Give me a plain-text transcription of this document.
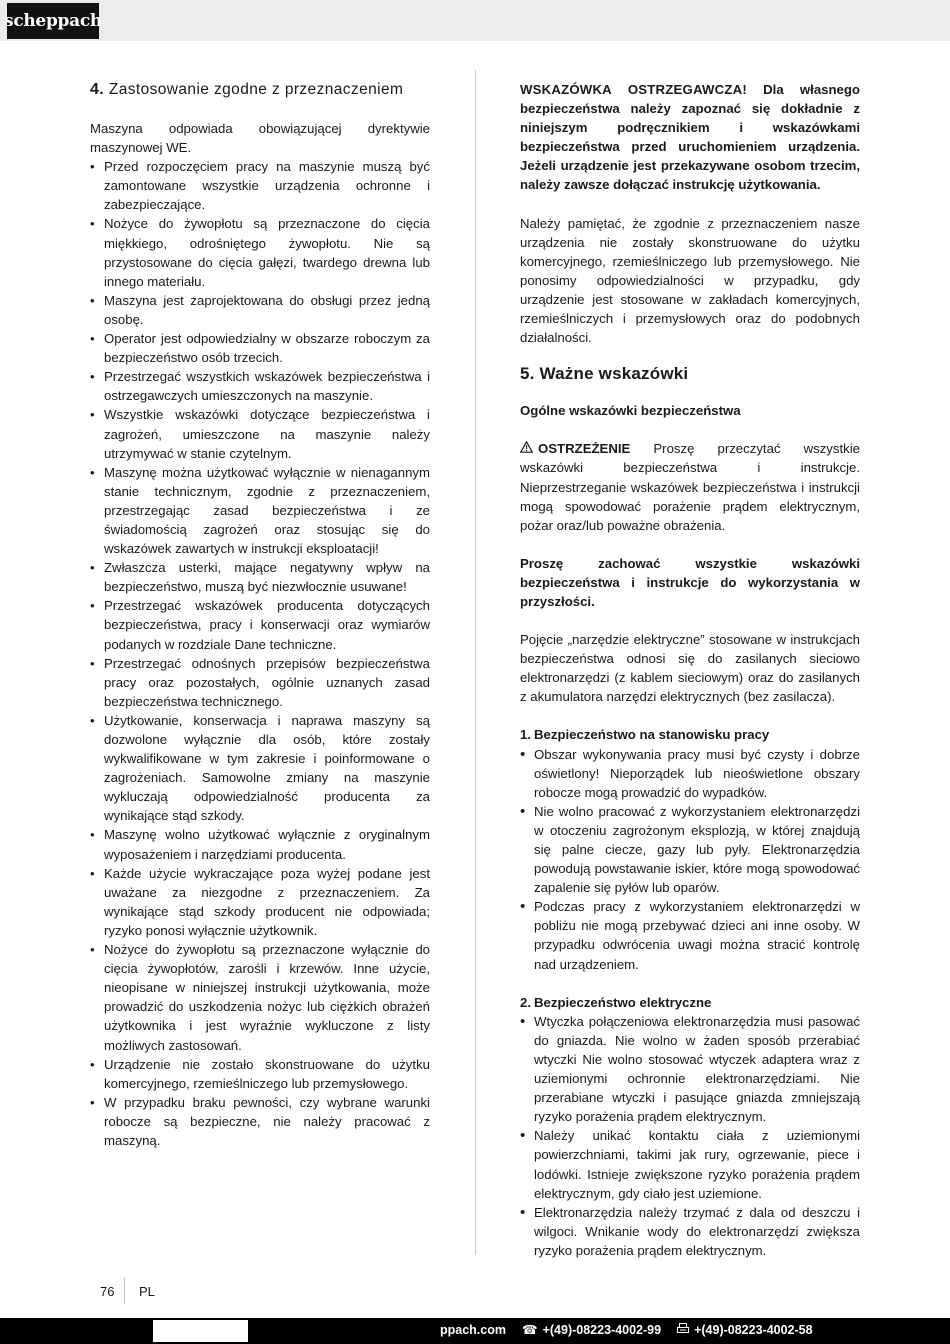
scheppach
4. Zastosowanie zgodne z przeznaczeniem

Maszyna odpowiada obowiązującej dyrektywie maszynowej WE.

• Przed rozpoczęciem pracy na maszynie muszą być zamontowane wszystkie urządzenia ochronne i zabezpieczające.
• Nożyce do żywopłotu są przeznaczone do cięcia miękkiego, odrośniętego żywopłotu. Nie są przystosowane do cięcia gałęzi, twardego drewna lub innego materiału.
• Maszyna jest zaprojektowana do obsługi przez jedną osobę.
• Operator jest odpowiedzialny w obszarze roboczym za bezpieczeństwo osób trzecich.
• Przestrzegać wszystkich wskazówek bezpieczeństwa i ostrzegawczych umieszczonych na maszynie.
• Wszystkie wskazówki dotyczące bezpieczeństwa i zagrożeń, umieszczone na maszynie należy utrzymywać w stanie czytelnym.
• Maszynę można użytkować wyłącznie w nienagannym stanie technicznym, zgodnie z przeznaczeniem, przestrzegając zasad bezpieczeństwa i ze świadomością zagrożeń oraz stosując się do wskazówek zawartych w instrukcji eksploatacji!
• Zwłaszcza usterki, mające negatywny wpływ na bezpieczeństwo, muszą być niezwłocznie usuwane!
• Przestrzegać wskazówek producenta dotyczących bezpieczeństwa, pracy i konserwacji oraz wymiarów podanych w rozdziale Dane techniczne.
• Przestrzegać odnośnych przepisów bezpieczeństwa pracy oraz pozostałych, ogólnie uznanych zasad bezpieczeństwa technicznego.
• Użytkowanie, konserwacja i naprawa maszyny są dozwolone wyłącznie dla osób, które zostały wykwalifikowane w tym zakresie i poinformowane o zagrożeniach. Samowolne zmiany na maszynie wykluczają odpowiedzialność producenta za wynikające stąd szkody.
• Maszynę wolno użytkować wyłącznie z oryginalnym wyposażeniem i narzędziami producenta.
• Każde użycie wykraczające poza wyżej podane jest uważane za niezgodne z przeznaczeniem. Za wynikające stąd szkody producent nie odpowiada; ryzyko ponosi wyłącznie użytkownik.
• Nożyce do żywopłotu są przeznaczone wyłącznie do cięcia żywopłotów, zarośli i krzewów. Inne użycie, nieopisane w niniejszej instrukcji użytkowania, może prowadzić do uszkodzenia nożyc lub ciężkich obrażeń użytkownika i jest wyraźnie wykluczone z listy możliwych zastosowań.
• Urządzenie nie zostało skonstruowane do użytku komercyjnego, rzemieślniczego lub przemysłowego.
• W przypadku braku pewności, czy wybrane warunki robocze są bezpieczne, nie należy pracować z maszyną.

WSKAZÓWKA OSTRZEGAWCZA! Dla własnego bezpieczeństwa należy zapoznać się dokładnie z niniejszym podręcznikiem i wskazówkami bezpieczeństwa przed uruchomieniem urządzenia. Jeżeli urządzenie jest przekazywane osobom trzecim, należy zawsze dołączać instrukcję użytkowania.

Należy pamiętać, że zgodnie z przeznaczeniem nasze urządzenia nie zostały skonstruowane do użytku komercyjnego, rzemieślniczego lub przemysłowego. Nie ponosimy odpowiedzialności w przypadku, gdy urządzenie jest stosowane w zakładach komercyjnych, rzemieślniczych i przemysłowych oraz do podobnych działalności.

5. Ważne wskazówki

Ogólne wskazówki bezpieczeństwa

OSTRZEŻENIE Proszę przeczytać wszystkie wskazówki bezpieczeństwa i instrukcje. Nieprzestrzeganie wskazówek bezpieczeństwa i instrukcji mogą spowodować porażenie prądem elektrycznym, pożar oraz/lub poważne obrażenia.

Proszę zachować wszystkie wskazówki bezpieczeństwa i instrukcje do wykorzystania w przyszłości.

Pojęcie „narzędzie elektryczne” stosowane w instrukcjach bezpieczeństwa odnosi się do zasilanych sieciowo elektronarzędzi (z kablem sieciowym) oraz do zasilanych z akumulatora narzędzi elektrycznych (bez zasilacza).

1. Bezpieczeństwo na stanowisku pracy
• Obszar wykonywania pracy musi być czysty i dobrze oświetlony! Nieporządek lub nieoświetlone obszary robocze mogą prowadzić do wypadków.
• Nie wolno pracować z wykorzystaniem elektronarzędzi w otoczeniu zagrożonym eksplozją, w której znajdują się palne ciecze, gazy lub pyły. Elektronarzędzia powodują powstawanie iskier, które mogą spowodować zapalenie się pyłów lub oparów.
• Podczas pracy z wykorzystaniem elektronarzędzi w pobliżu nie mogą przebywać dzieci ani inne osoby. W przypadku odwrócenia uwagi można stracić kontrolę nad urządzeniem.
2. Bezpieczeństwo elektryczne
• Wtyczka połączeniowa elektronarzędzia musi pasować do gniazda. Nie wolno w żaden sposób przerabiać wtyczki Nie wolno stosować wtyczek adaptera wraz z uziemionymi ochronnie elektronarzędziami. Nie przerabiane wtyczki i pasujące gniazda zmniejszają ryzyko porażenia prądem elektrycznym.
• Należy unikać kontaktu ciała z uziemionymi powierzchniami, takimi jak rury, ogrzewanie, piece i lodówki. Istnieje zwiększone ryzyko porażenia prądem elektrycznym, gdy ciało jest uziemione.
• Elektronarzędzia należy trzymać z dala od deszczu i wilgoci. Wnikanie wody do elektronarzędzi zwiększa ryzyko porażenia prądem elektrycznym.
76 PL
ppach.com ☎ +(49)-08223-4002-99	+(49)-08223-4002-58
